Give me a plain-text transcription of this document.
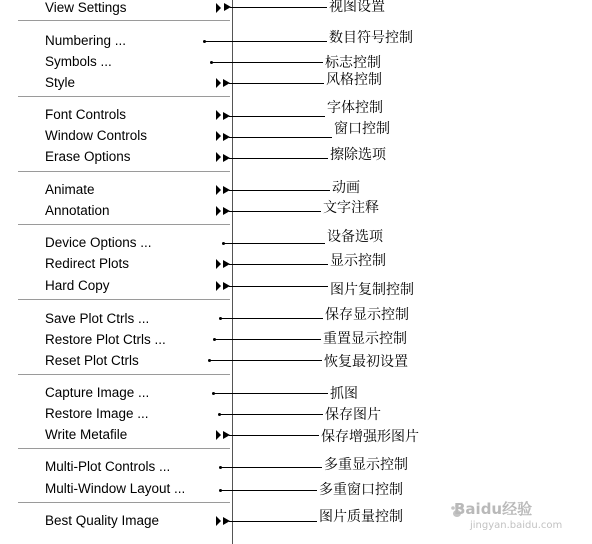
View Settings
Numbering ...
Symbols ...
Style
Font Controls
Window Controls
Erase Options
Animate
Annotation
Device Options ...
Redirect Plots
Hard Copy
Save Plot Ctrls ...
Restore Plot Ctrls ...
Reset Plot Ctrls
Capture Image ...
Restore Image ...
Write Metafile
Multi-Plot Controls ...
Multi-Window Layout ...
Best Quality Image
视图设置
数目符号控制
标志控制
风格控制
字体控制
窗口控制
擦除选项
动画
文字注释
设备选项
显示控制
图片复制控制
保存显示控制
重置显示控制
恢复最初设置
抓图
保存图片
保存增强形图片
多重显示控制
多重窗口控制
图片质量控制	Baidu经验
jingyan.baidu.com
